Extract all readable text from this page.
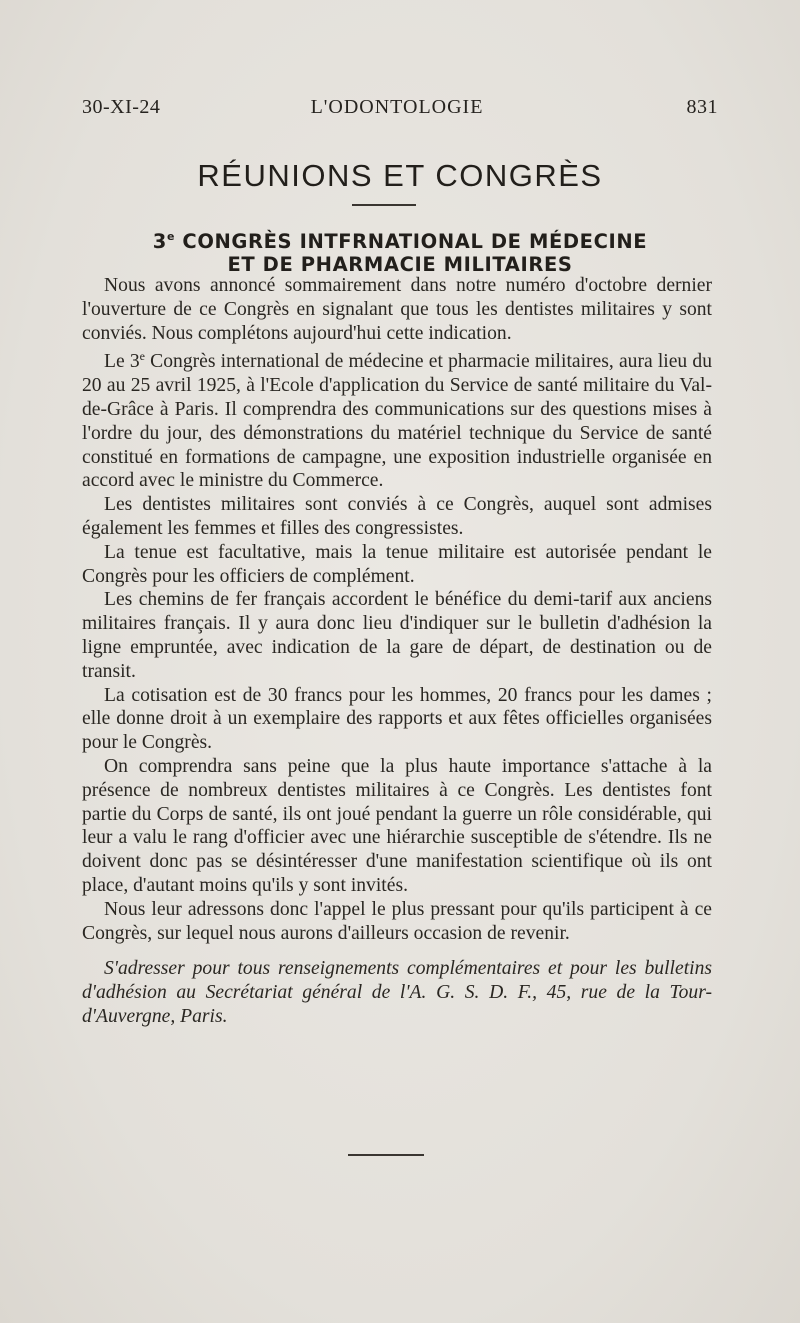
30-XI-24	L'ODONTOLOGIE	831
RÉUNIONS ET CONGRÈS
3e CONGRÈS INTFRNATIONAL DE MÉDECINE
ET DE PHARMACIE MILITAIRES

Nous avons annoncé sommairement dans notre numéro d'octobre dernier l'ouverture de ce Congrès en signalant que tous les dentistes militaires y sont conviés. Nous complétons aujourd'hui cette indication.

Le 3e Congrès international de médecine et pharmacie militaires, aura lieu du 20 au 25 avril 1925, à l'Ecole d'application du Service de santé militaire du Val-de-Grâce à Paris. Il comprendra des communications sur des questions mises à l'ordre du jour, des démonstrations du matériel technique du Service de santé constitué en formations de campagne, une exposition industrielle organisée en accord avec le ministre du Commerce.

Les dentistes militaires sont conviés à ce Congrès, auquel sont admises également les femmes et filles des congressistes.

La tenue est facultative, mais la tenue militaire est autorisée pendant le Congrès pour les officiers de complément.

Les chemins de fer français accordent le bénéfice du demi-tarif aux anciens militaires français. Il y aura donc lieu d'indiquer sur le bulletin d'adhésion la ligne empruntée, avec indication de la gare de départ, de destination ou de transit.

La cotisation est de 30 francs pour les hommes, 20 francs pour les dames ; elle donne droit à un exemplaire des rapports et aux fêtes officielles organisées pour le Congrès.

On comprendra sans peine que la plus haute importance s'attache à la présence de nombreux dentistes militaires à ce Congrès. Les dentistes font partie du Corps de santé, ils ont joué pendant la guerre un rôle considérable, qui leur a valu le rang d'officier avec une hiérarchie susceptible de s'étendre. Ils ne doivent donc pas se désintéresser d'une manifestation scientifique où ils ont place, d'autant moins qu'ils y sont invités.

Nous leur adressons donc l'appel le plus pressant pour qu'ils participent à ce Congrès, sur lequel nous aurons d'ailleurs occasion de revenir.

S'adresser pour tous renseignements complémentaires et pour les bulletins d'adhésion au Secrétariat général de l'A. G. S. D. F., 45, rue de la Tour-d'Auvergne, Paris.
